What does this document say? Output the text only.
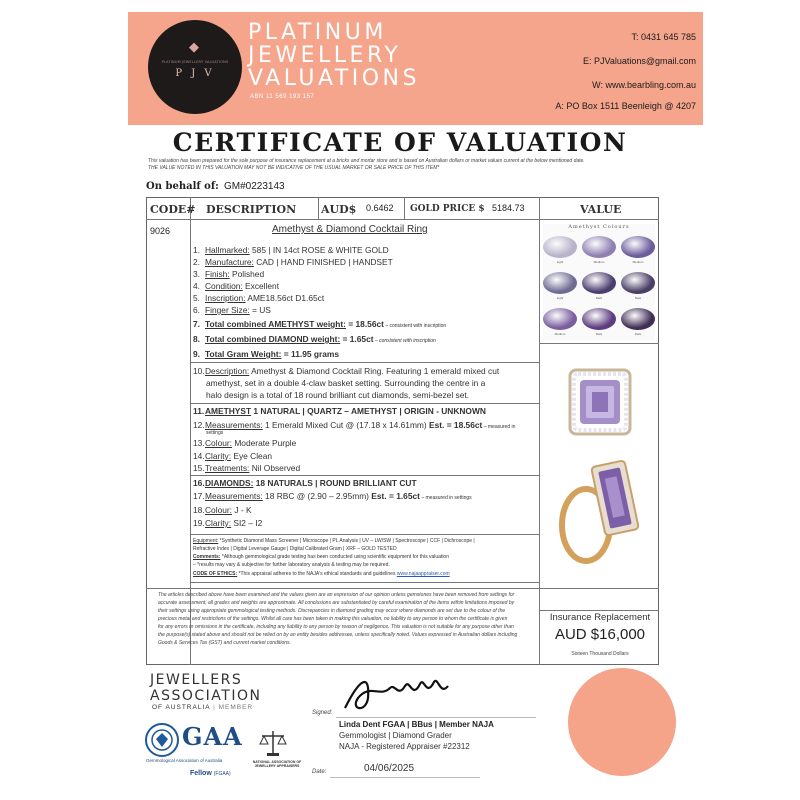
◆
PLATINUM JEWELLERY VALUATIONS
P J V
PLATINUM
JEWELLERY
VALUATIONS
ABN 11 569 193 157
T: 0431 645 785
E: PJValuations@gmail.com
W: www.bearbling.com.au
A: PO Box 1511 Beenleigh @ 4207
CERTIFICATE OF VALUATION
This valuation has been prepared for the sole purpose of insurance replacement at a bricks and mortar store and is based on Australian dollars or market values current at the below mentioned date.
THE VALUE NOTED IN THIS VALUATION MAY NOT BE INDICATIVE OF THE USUAL MARKET OR SALE PRICE OF THIS ITEM*
On behalf of: GM#0223143
CODE# DESCRIPTION AUD$ 0.6462 GOLD PRICE $ 5184.73	VALUE
9026	Amethyst & Diamond Cocktail Ring
1. Hallmarked: 585 | IN 14ct ROSE & WHITE GOLD
2. Manufacture: CAD | HAND FINISHED | HANDSET
3. Finish: Polished
4. Condition: Excellent
5. Inscription: AME18.56ct D1.65ct
6. Finger Size: = US
7. Total combined AMETHYST weight: = 18.56ct – consistent with inscription
8. Total combined DIAMOND weight: = 1.65ct – consistent with inscription
9. Total Gram Weight: = 11.95 grams
10.Description: Amethyst & Diamond Cocktail Ring. Featuring 1 emerald mixed cut
amethyst, set in a double 4-claw basket setting. Surrounding the centre in a
halo design is a total of 18 round brilliant cut diamonds, semi-bezel set.
11.AMETHYST 1 NATURAL | QUARTZ – AMETHYST | ORIGIN - UNKNOWN
12.Measurements: 1 Emerald Mixed Cut @ (17.18 x 14.61mm) Est. = 18.56ct – measured in
settings
13.Colour: Moderate Purple
14.Clarity: Eye Clean
15.Treatments: Nil Observed
16.DIAMONDS: 18 NATURALS | ROUND BRILLIANT CUT
17.Measurements: 18 RBC @ (2.90 – 2.95mm) Est. = 1.65ct – measured in settings
18.Colour: J - K
19.Clarity: SI2 – I2
Equipment: *Synthetic Diamond Mass Screener | Microscope | PL Analysis | UV – LW/SW | Spectroscope | CCF | Dichroscope |
Refractive Index | Digital Leverage Gauge | Digital Calibrated Gram | XRF – GOLD TESTED
Comments: *Although gemmological grade testing has been conducted using scientific equipment for this valuation
– *results may vary & subjective for further laboratory analysis & testing may be required.
CODE OF ETHICS: *This appraisal adheres to the NAJA's ethical standards and guidelines www.najaappraiser.com
Amethyst Colours
Light	Medium	Medium
Light	Dark	Dark
Medium	Dark	Dark
The articles described above have been examined and the values given are an expression of our opinion unless gemstones have been removed from settings for
accurate assessment, all grades and weights are approximate. All conclusions are substantiated by careful examination of the items within limitations imposed by
their settings using appropriate gemmological testing methods. Discrepancies in diamond grading may occur where diamonds are set due to the colour of the
precious metal and restrictions of the settings. Whilst all care has been taken in making this valuation, no liability to any person to whom the certificate is given
for any errors or omissions in the certificate, including any liability to any person by reason of negligence. This valuation is not suitable for any purpose other than
the purpose(s) stated above and should not be relied on by an entity besides addressee, unless specifically noted. Values expressed in Australian dollars including
Goods & Services Tax (GST) and current market conditions.
Insurance Replacement
AUD $16,000
Sixteen Thousand Dollars
JEWELLERS
ASSOCIATION
OF AUSTRALIA | MEMBER
GAA
Gemmological Association of Australia
Fellow (FGAA)
NATIONAL ASSOCIATION OF JEWELLERY APPRAISERS
Signed:
Linda Dent FGAA | BBus | Member NAJA
Gemmologist | Diamond Grader
NAJA - Registered Appraiser #22312
Date:	04/06/2025
